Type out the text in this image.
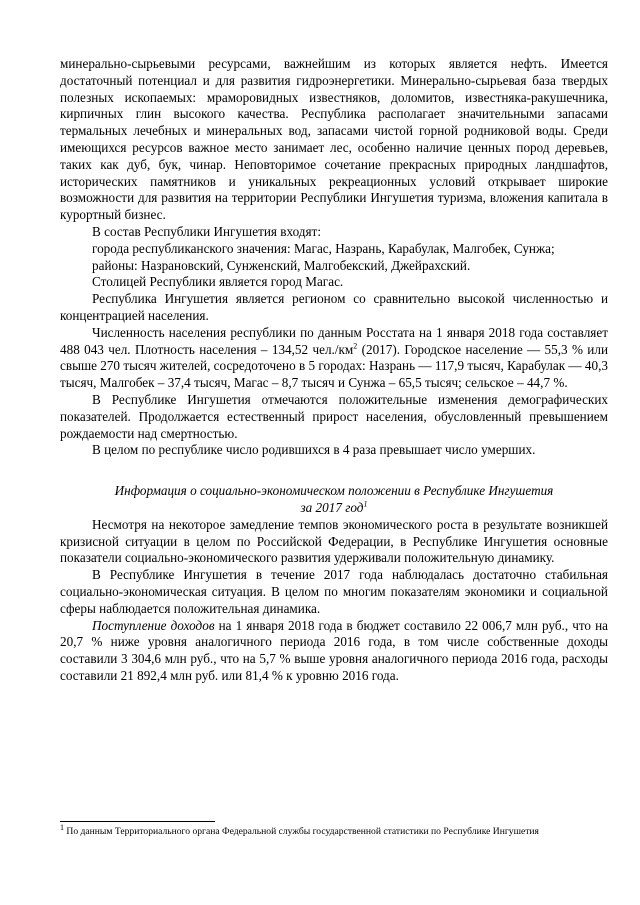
минерально-сырьевыми ресурсами, важнейшим из которых является нефть. Имеется достаточный потенциал и для развития гидроэнергетики. Минерально-сырьевая база твердых полезных ископаемых: мраморовидных известняков, доломитов, известняка-ракушечника, кирпичных глин высокого качества. Республика располагает значительными запасами термальных лечебных и минеральных вод, запасами чистой горной родниковой воды. Среди имеющихся ресурсов важное место занимает лес, особенно наличие ценных пород деревьев, таких как дуб, бук, чинар. Неповторимое сочетание прекрасных природных ландшафтов, исторических памятников и уникальных рекреационных условий открывает широкие возможности для развития на территории Республики Ингушетия туризма, вложения капитала в курортный бизнес.

В состав Республики Ингушетия входят:

города республиканского значения: Магас, Назрань, Карабулак, Малгобек, Сунжа;

районы: Назрановский, Сунженский, Малгобекский, Джейрахский.

Столицей Республики является город Магас.

Республика Ингушетия является регионом со сравнительно высокой численностью и концентрацией населения.

Численность населения республики по данным Росстата на 1 января 2018 года составляет 488 043 чел. Плотность населения – 134,52 $чел./км^2$ (2017). Городское население — 55,3 % или свыше 270 тысяч жителей, сосредоточено в 5 городах: Назрань — 117,9 тысяч, Карабулак — 40,3 тысяч, Малгобек – 37,4 тысяч, Магас – 8,7 тысяч и Сунжа – 65,5 тысяч; сельское – 44,7 %.

В Республике Ингушетия отмечаются положительные изменения демографических показателей. Продолжается естественный прирост населения, обусловленный превышением рождаемости над смертностью.

В целом по республике число родившихся в 4 раза превышает число умерших.

Информация о социально-экономическом положении в Республике Ингушетия
за 2017 год$^1$

Несмотря на некоторое замедление темпов экономического роста в результате возникшей кризисной ситуации в целом по Российской Федерации, в Республике Ингушетия основные показатели социально-экономического развития удерживали положительную динамику.

В Республике Ингушетия в течение 2017 года наблюдалась достаточно стабильная социально-экономическая ситуация. В целом по многим показателям экономики и социальной сферы наблюдается положительная динамика.

Поступление доходов на 1 января 2018 года в бюджет составило 22 006,7 млн руб., что на 20,7 % ниже уровня аналогичного периода 2016 года, в том числе собственные доходы составили 3 304,6 млн руб., что на 5,7 % выше уровня аналогичного периода 2016 года, расходы составили 21 892,4 млн руб. или 81,4 % к уровню 2016 года.

$^1$ По данным Территориального органа Федеральной службы государственной статистики по Республике Ингушетия
